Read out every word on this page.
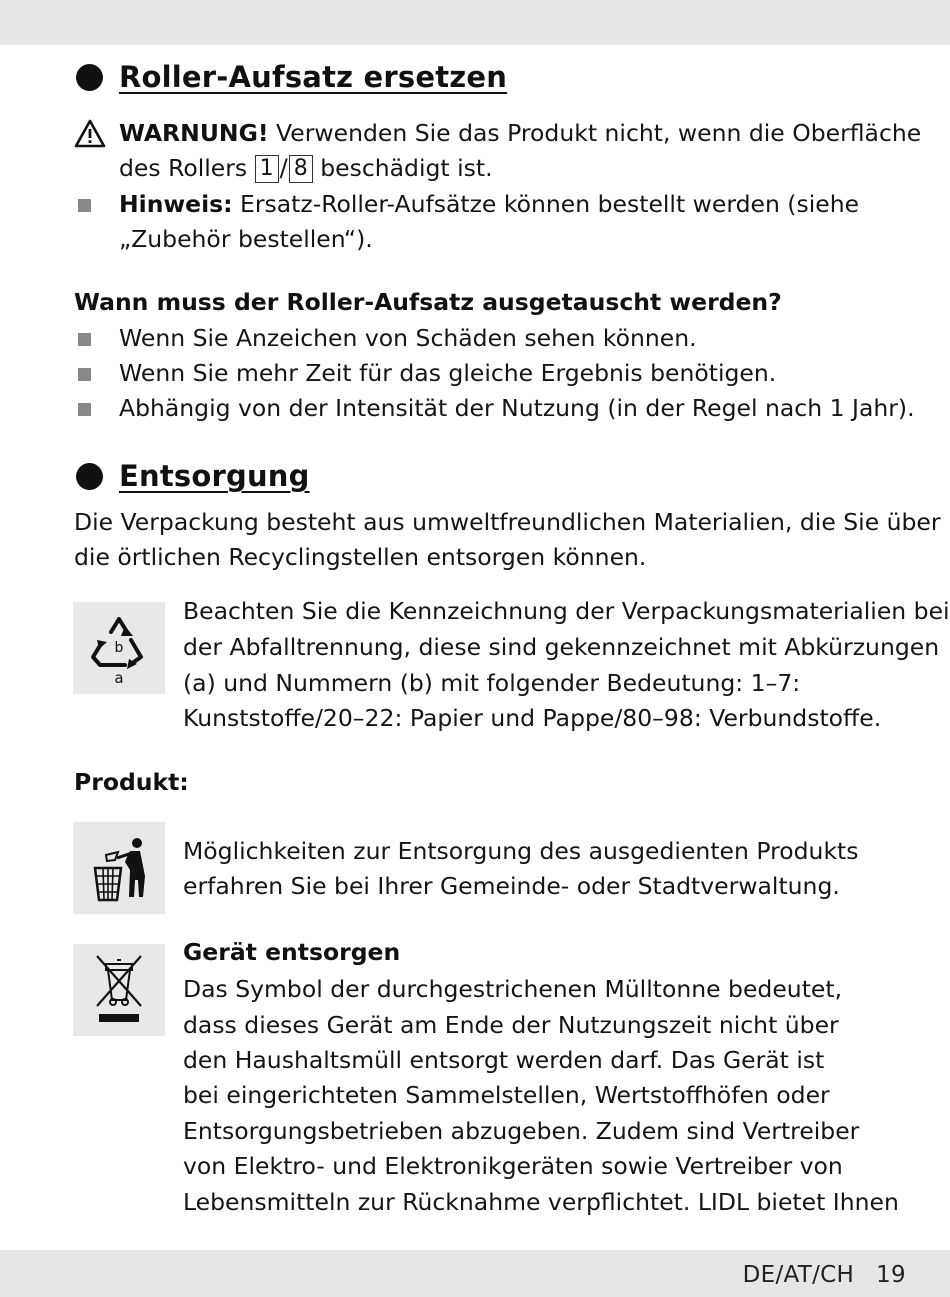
Roller-Aufsatz ersetzen
WARNUNG! Verwenden Sie das Produkt nicht, wenn die Oberfläche
des Rollers 1 / 8 beschädigt ist.
Hinweis: Ersatz-Roller-Aufsätze können bestellt werden (siehe
„Zubehör bestellen“).
Wann muss der Roller-Aufsatz ausgetauscht werden?
Wenn Sie Anzeichen von Schäden sehen können.
Wenn Sie mehr Zeit für das gleiche Ergebnis benötigen.
Abhängig von der Intensität der Nutzung (in der Regel nach 1 Jahr).
Entsorgung
Die Verpackung besteht aus umweltfreundlichen Materialien, die Sie über
die örtlichen Recyclingstellen entsorgen können.
b
a
Beachten Sie die Kennzeichnung der Verpackungsmaterialien bei
der Abfalltrennung, diese sind gekennzeichnet mit Abkürzungen
(a) und Nummern (b) mit folgender Bedeutung: 1–7:
Kunststoffe/20–22: Papier und Pappe/80–98: Verbundstoffe.
Produkt:
Möglichkeiten zur Entsorgung des ausgedienten Produkts
erfahren Sie bei Ihrer Gemeinde- oder Stadtverwaltung.
Gerät entsorgen
Das Symbol der durchgestrichenen Mülltonne bedeutet,
dass dieses Gerät am Ende der Nutzungszeit nicht über
den Haushaltsmüll entsorgt werden darf. Das Gerät ist
bei eingerichteten Sammelstellen, Wertstoffhöfen oder
Entsorgungsbetrieben abzugeben. Zudem sind Vertreiber
von Elektro- und Elektronikgeräten sowie Vertreiber von
Lebensmitteln zur Rücknahme verpflichtet. LIDL bietet Ihnen
DE/AT/CH 19
